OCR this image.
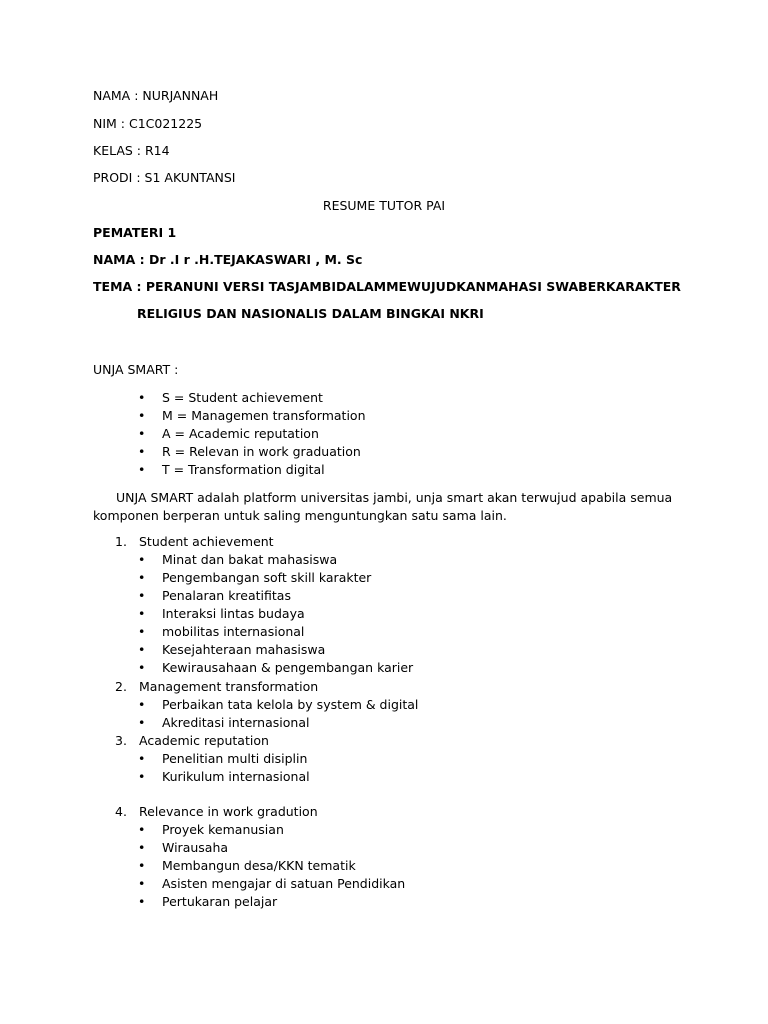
NAMA : NURJANNAH
NIM : C1C021225
KELAS : R14
PRODI : S1 AKUNTANSI
RESUME TUTOR PAI
PEMATERI 1
NAMA : Dr .I r .H.TEJAKASWARI , M. Sc
TEMA : PERANUNI VERSI TASJAMBIDALAMMEWUJUDKANMAHASI SWABERKARAKTER
RELIGIUS DAN NASIONALIS DALAM BINGKAI NKRI
UNJA SMART :
• S = Student achievement
• M = Managemen transformation
• A = Academic reputation
• R = Relevan in work graduation
• T = Transformation digital
UNJA SMART adalah platform universitas jambi, unja smart akan terwujud apabila semua
komponen berperan untuk saling menguntungkan satu sama lain.
1. Student achievement
• Minat dan bakat mahasiswa
• Pengembangan soft skill karakter
• Penalaran kreatifitas
• Interaksi lintas budaya
• mobilitas internasional
• Kesejahteraan mahasiswa
• Kewirausahaan & pengembangan karier
2. Management transformation
• Perbaikan tata kelola by system & digital
• Akreditasi internasional
3. Academic reputation
• Penelitian multi disiplin
• Kurikulum internasional
4. Relevance in work gradution
• Proyek kemanusian
• Wirausaha
• Membangun desa/KKN tematik
• Asisten mengajar di satuan Pendidikan
• Pertukaran pelajar
